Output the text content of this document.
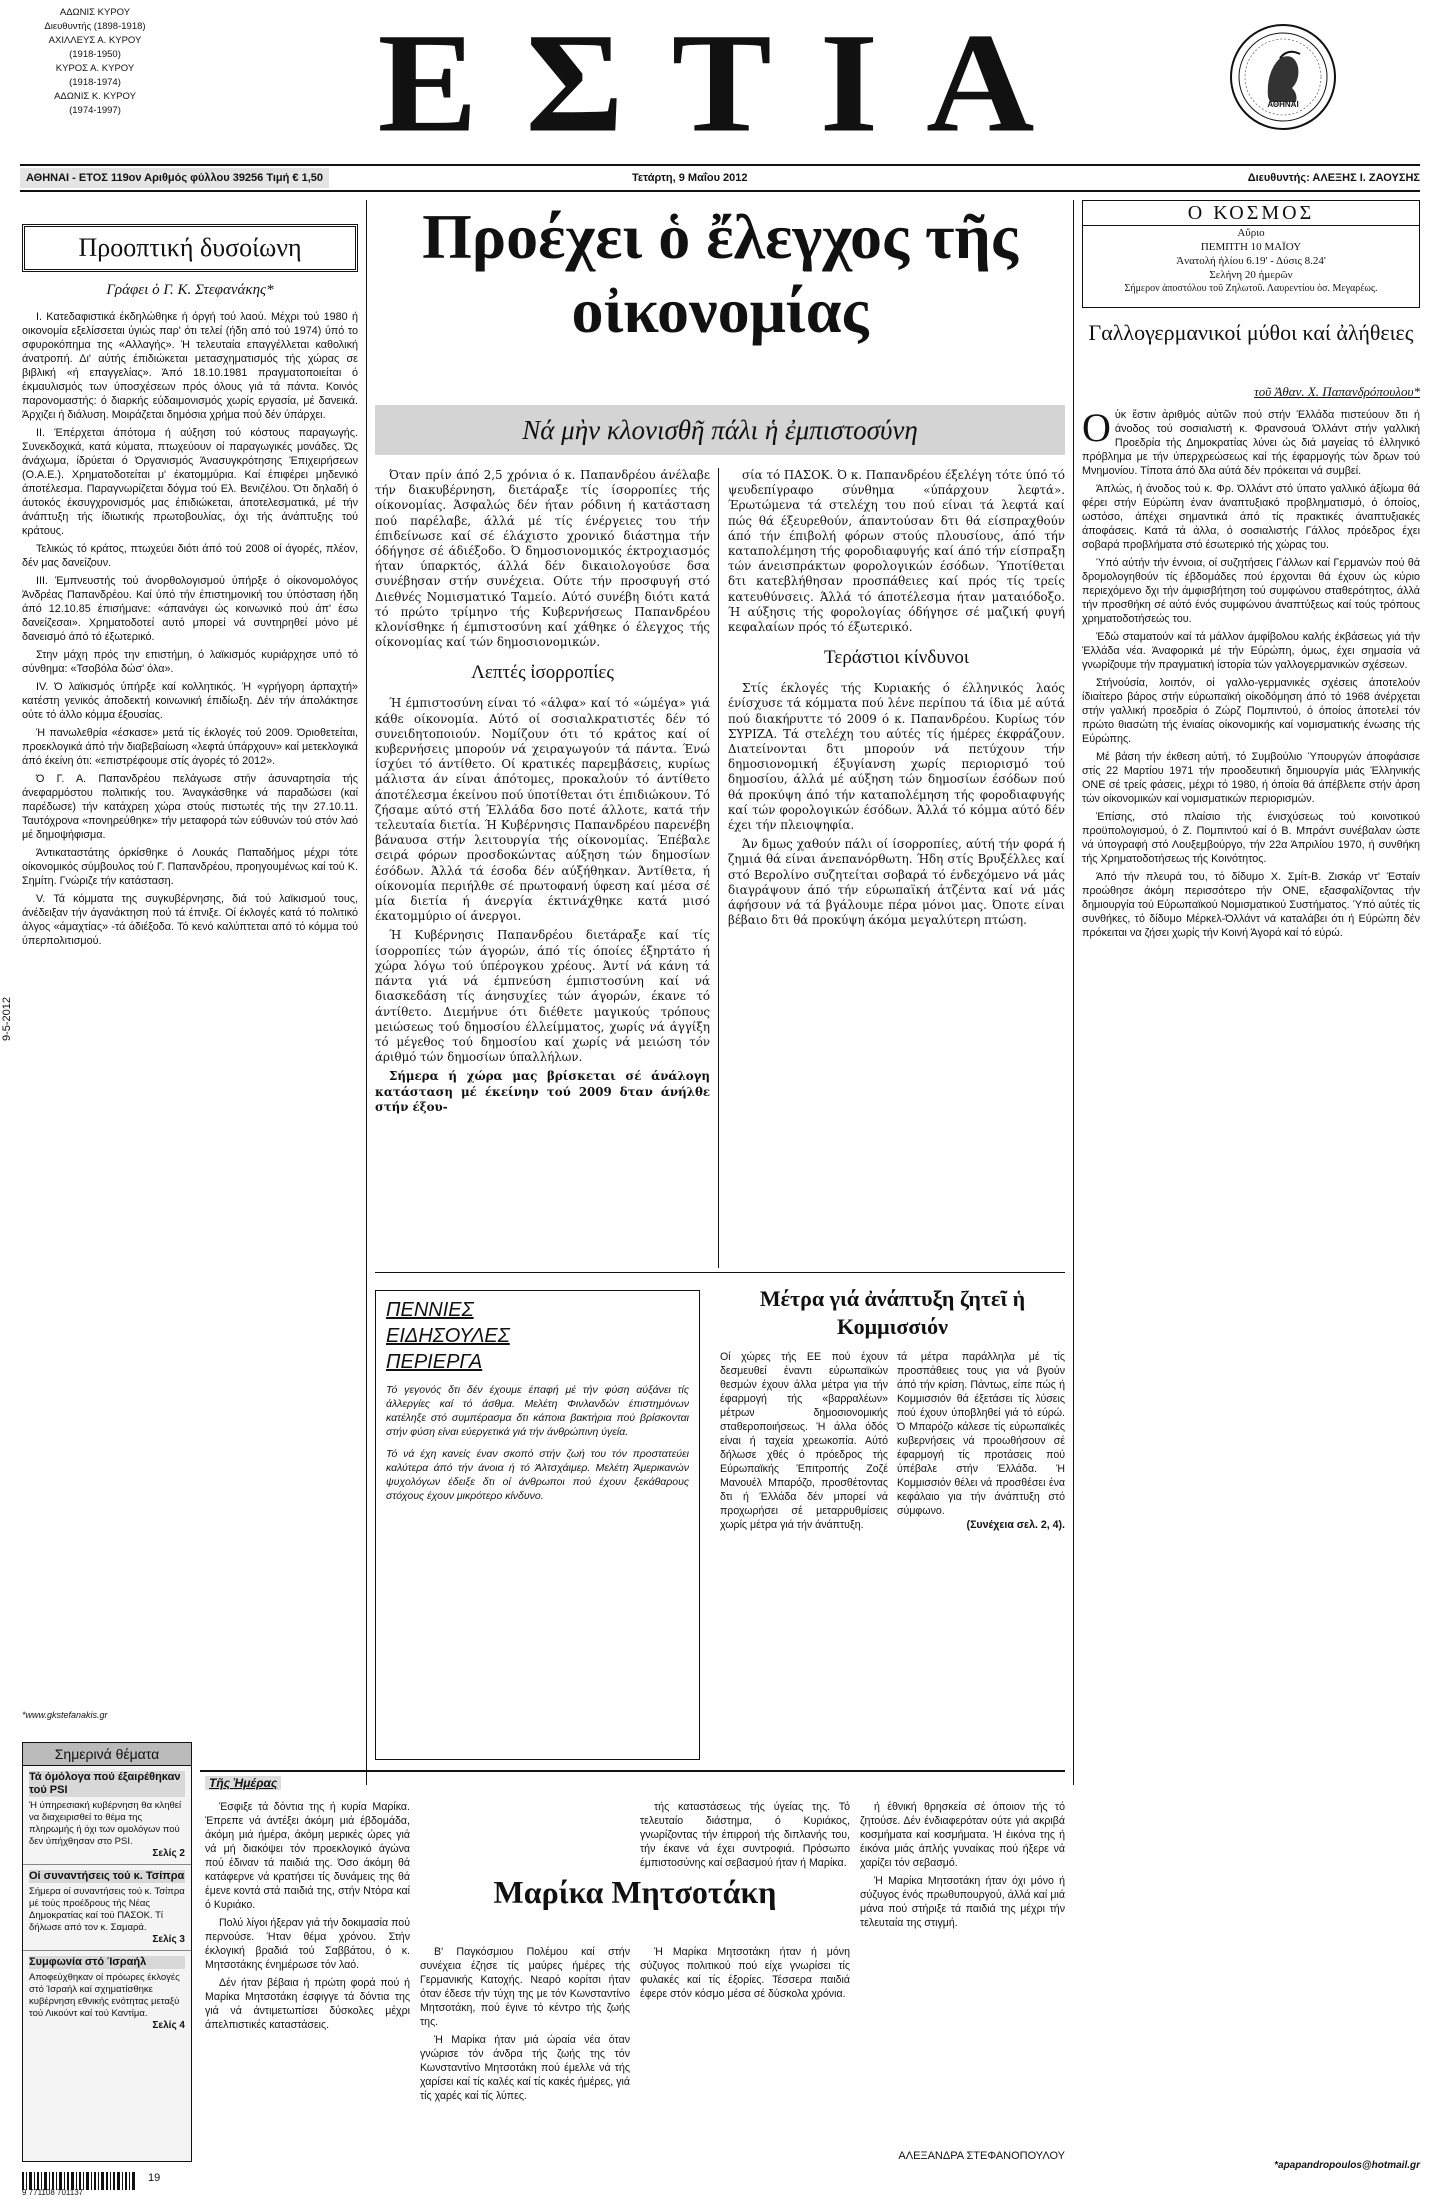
ΑΔΩΝΙΣ ΚΥΡΟΥ
Διευθυντής (1898-1918)
ΑΧΙΛΛΕΥΣ Α. ΚΥΡΟΥ
(1918-1950)
ΚΥΡΟΣ Α. ΚΥΡΟΥ
(1918-1974)
ΑΔΩΝΙΣ Κ. ΚΥΡΟΥ
(1974-1997)	ΕΣΤΙΑ	ΑΘΗΝΑΙ
ΑΘΗΝΑΙ - ΕΤΟΣ 119ον Αριθμός φύλλου 39256 Τιμή € 1,50	Τετάρτη, 9 Μαΐου 2012	Διευθυντής: ΑΛΕΞΗΣ Ι. ΖΑΟΥΣΗΣ
9-5-2012
Προοπτική δυσοίωνη
Γράφει ὁ Γ. Κ. Στεφανάκης*

I. Κατεδαφιστικά έκδηλώθηκε ή όργή τού λαού. Μέχρι τού 1980 ή οικονομία εξελίσσεται ύγιώς παρ' ότι τελεί (ήδη από τού 1974) ύπό το σφυροκόπημα της «Αλλαγής». Ή τελευταία επαγγέλλεται καθολική άνατροπή. Δι' αύτής έπιδιώκεται μετασχηματισμός τής χώρας σε βιβλική «ή επαγγελίας». Άπό 18.10.1981 πραγματοποιείται ό έκμαυλισμός των ύποσχέσεων πρός όλους γιά τά πάντα. Κοινός παρονομαστής: ό διαρκής εύδαιμονισμός χωρίς εργασία, μέ δανεικά. Άρχιζει ή διάλυση. Μοιράζεται δημόσια χρήμα πού δέν ύπάρχει.

II. Έπέρχεται άπότομα ή αύξηση τού κόστους παραγωγής. Συνεκδοχικά, κατά κύματα, πτωχεύουν οί παραγωγικές μονάδες. Ώς άνάχωμα, ίδρύεται ό Όργανισμός Άνασυγκρότησης Έπιχειρήσεων (Ο.Α.Ε.). Χρηματοδοτείται μ' έκατομμύρια. Καί έπιφέρει μηδενικό άποτέλεσμα. Παραγνωρίζεται δόγμα τού Ελ. Βενιζέλου. Ότι δηλαδή ό άυτοκός έκσυγχρονισμός μας έπιδιώκεται, άποτελεσματικά, μέ τήν άνάπτυξη τής ίδιωτικής πρωτοβουλίας, όχι τής άνάπτυξης τού κράτους.

Τελικώς τό κράτος, πτωχεύει διότι άπό τού 2008 οί άγορές, πλέον, δέν μας δανείζουν.

III. Έμπνευστής τού άνορθολογισμού ύπήρξε ό οίκονομολόγος Άνδρέας Παπανδρέου. Καί ύπό τήν έπιστημονική του ύπόσταση ήδη άπό 12.10.85 έπισήμανε: «άπανάγει ώς κοινωνικό πού άπ' έσω δανείζεσαι». Χρηματοδοτεί αυτό μπορεί νά συντηρηθεί μόνο μέ δανεισμό άπό τό έξωτερικό.

Στην μάχη πρός την επιστήμη, ό λαϊκισμός κυριάρχησε υπό τό σύνθημα: «Τσοβόλα δώσ' όλα».

IV. Ό λαϊκισμός ύπήρξε καί κολλητικός. Ή «γρήγορη άρπαχτή» κατέστη γενικός άποδεκτή κοινωνική έπιδίωξη. Δέν τήν άπολάκτησε oύτε τό άλλο κόμμα έξουσίας.

Ή πανωλεθρία «έσκασε» μετά τίς έκλογές τού 2009. Όριοθετείται, προεκλογικά άπό τήν διαβεβαίωση «λεφτά ύπάρχουν» καί μετεκλογικά άπό έκείνη ότι: «επιστρέφουμε στίς άγορές τό 2012».

Ό Γ. Α. Παπανδρέου πελάγωσε στήν άσυναρτησία τής άνεφαρμόστου πολιτικής του. Άναγκάσθηκε νά παραδώσει (καί παρέδωσε) τήν κατάχρεη χώρα στούς πιστωτές τής την 27.10.11. Ταυτόχρονα «πονηρεύθηκε» τήν μεταφορά τών εύθυνών τού στόν λαό μέ δημοψήφισμα.

Άντικαταστάτης όρκίσθηκε ό Λουκάς Παπαδήμος μέχρι τότε οίκονομικός σύμβουλος τού Γ. Παπανδρέου, προηγουμένως καί τού Κ. Σημίτη. Γνώριζε τήν κατάσταση.

V. Τά κόμματα της συγκυβέρνησης, διά τού λαϊκισμού τους, άνέδειξαν τήν άγανάκτηση πού τά έπνιξε. Οί έκλογές κατά τό πολιτικό άλγος «άμαχτίας» -τά άδιέξοδα. Τό κενό καλύπτεται από τό κόμμα τού ύπερπολιτισμού.

*www.gkstefanakis.gr
Σημερινά θέματα
Τά όμόλογα πού έξαιρέθηκαν τού PSI
Ή ύπηρεσιακή κυβέρνηση θα κληθεί να διαχειρισθεί το θέμα της πληρωμής ή όχι των ομολόγων πού δεν ύπήχθησαν στο PSI.
Σελίς 2
Οί συναντήσεις τού κ. Τσίπρα
Σήμερα οί συναντήσεις τού κ. Τσίπρα μέ τούς προέδρους τής Νέας Δημοκρατίας καί τού ΠΑΣΟΚ. Τί δήλωσε από τον κ. Σαμαρά.
Σελίς 3
Συμφωνία στό Ίσραήλ
Αποφεύχθηκαν οί πρόωρες έκλογές στό Ίσραήλ καί σχηματίσθηκε κυβέρνηση εθνικής ενότητας μεταξύ τού Λικούντ καί τού Καντίμα.
Σελίς 4
19
9 771108 701137
Προέχει ὁ ἔλεγχος τῆς οἰκονομίας
Νά μὴν κλονισθῆ πάλι ἡ ἐμπιστοσύνη

Όταν πρίν άπό 2,5 χρόνια ό κ. Παπανδρέου άνέλαβε τήν διακυβέρνηση, διετάραξε τίς ίσορροπίες τής οίκονομίας. Άσφαλώς δέν ήταν ρόδινη ή κατάσταση πού παρέλαβε, άλλά μέ τίς ένέργειες του τήν έπιδείνωσε καί σέ έλάχιστο χρονικό διάστημα τήν όδήγησε σέ άδιέξοδο. Ό δημοσιονομικός έκτροχιασμός ήταν ύπαρκτός, άλλά δέν δικαιολογούσε δσα συνέβησαν στήν συνέχεια. Ούτε τήν προσφυγή στό Διεθνές Νομισματικό Ταμείο. Αύτό συνέβη διότι κατά τό πρώτο τρίμηνο τής Κυβερνήσεως Παπανδρέου κλονίσθηκε ή έμπιστοσύνη καί χάθηκε ό έλεγχος τής οίκονομίας καί τών δημοσιονομικών.

Λεπτές ἰσορροπίες

Ή έμπιστοσύνη είναι τό «άλφα» καί τό «ώμέγα» γιά κάθε οίκονομία. Αύτό οί σοσιαλκρατιστές δέν τό συνειδητοποιούν. Νομίζουν ότι τό κράτος καί οί κυβερνήσεις μπορούν νά χειραγωγούν τά πάντα. Ένώ ίσχύει τό άντίθετο. Οί κρατικές παρεμβάσεις, κυρίως μάλιστα άν είναι άπότομες, προκαλούν τό άντίθετο άποτέλεσμα έκείνου πού ύποτίθεται ότι έπιδιώκουν. Τό ζήσαμε αύτό στή Έλλάδα δσο ποτέ άλλοτε, κατά τήν τελευταία διετία. Ή Κυβέρνησις Παπανδρέου παρενέβη βάναυσα στήν λειτουργία τής οίκονομίας. Έπέβαλε σειρά φόρων προσδοκώντας αύξηση τών δημοσίων έσόδων. Άλλά τά έσοδα δέν αύξήθηκαν. Άντίθετα, ή οίκονομία περιήλθε σέ πρωτοφανή ύφεση καί μέσα σέ μία διετία ή άνεργία έκτινάχθηκε κατά μισό έκατομμύριο οί άνεργοι.

Ή Κυβέρνησις Παπανδρέου διετάραξε καί τίς ίσορροπίες τών άγορών, άπό τίς όποίες έξηρτάτο ή χώρα λόγω τού ύπέρογκου χρέους. Άντί νά κάνη τά πάντα γιά νά έμπνεύση έμπιστοσύνη καί νά διασκεδάση τίς άνησυχίες τών άγορών, έκανε τό άντίθετο. Διεμήνυε ότι διέθετε μαγικούς τρόπους μειώσεως τού δημοσίου έλλείμματος, χωρίς νά άγγίξη τό μέγεθος τού δημοσίου καί χωρίς νά μειώση τόν άριθμό τών δημοσίων ύπαλλήλων.

Σήμερα ή χώρα μας βρίσκεται σέ άνάλογη κατάσταση μέ έκείνην τού 2009 δταν άνήλθε στήν έξου-

σία τό ΠΑΣΟΚ. Ό κ. Παπανδρέου έξελέγη τότε ύπό τό ψευδεπίγραφο σύνθημα «ύπάρχουν λεφτά». Έρωτώμενα τά στελέχη του πού είναι τά λεφτά καί πώς θά έξευρεθούν, άπαντούσαν δτι θά είσπραχθούν άπό τήν έπιβολή φόρων στούς πλουσίους, άπό τήν καταπολέμηση τής φοροδιαφυγής καί άπό τήν είσπραξη τών άνεισπράκτων φορολογικών έσόδων. Ύποτίθεται δτι κατεβλήθησαν προσπάθειες καί πρός τίς τρείς κατευθύνσεις. Άλλά τό άποτέλεσμα ήταν ματαιόδοξο. Ή αύξησις τής φορολογίας όδήγησε σέ μαζική φυγή κεφαλαίων πρός τό έξωτερικό.

Τεράστιοι κίνδυνοι

Στίς έκλογές τής Κυριακής ό έλληνικός λαός ένίσχυσε τά κόμματα πού λένε περίπου τά ίδια μέ αύτά πού διακήρυττε τό 2009 ό κ. Παπανδρέου. Κυρίως τόν ΣΥΡΙΖΑ. Τά στελέχη του αύτές τίς ήμέρες έκφράζουν. Διατείνονται δτι μπορούν νά πετύχουν τήν δημοσιονομική έξυγίανση χωρίς περιορισμό τού δημοσίου, άλλά μέ αύξηση τών δημοσίων έσόδων πού θά προκύψη άπό τήν καταπολέμηση τής φοροδιαφυγής καί τών φορολογικών έσόδων. Άλλά τό κόμμα αύτό δέν έχει τήν πλειοψηφία.

Άν δμως χαθούν πάλι οί ίσορροπίες, αύτή τήν φορά ή ζημιά θά είναι άνεπανόρθωτη. Ήδη στίς Βρυξέλλες καί στό Βερολίνο συζητείται σοβαρά τό ένδεχόμενο νά μάς διαγράψουν άπό τήν εύρωπαϊκή άτζέντα καί νά μάς άφήσουν νά τά βγάλουμε πέρα μόνοι μας. Όποτε είναι βέβαιο δτι θά προκύψη άκόμα μεγαλύτερη πτώση.

ΠΕΝΝΙΕΣ
ΕΙΔΗΣΟΥΛΕΣ
ΠΕΡΙΕΡΓΑ
Τό γεγονός δτι δέν έχουμε έπαφή μέ τήν φύση αύξάνει τίς άλλεργίες καί τό άσθμα. Μελέτη Φινλανδών έπιστημόνων κατέληξε στό συμπέρασμα δτι κάποια βακτήρια πού βρίσκονται στήν φύση είναι εύεργετικά γιά τήν άνθρώπινη ύγεία.
Τό νά έχη κανείς έναν σκοπό στήν ζωή του τόν προστατεύει καλύτερα άπό τήν άνοια ή τό Άλτσχάιμερ. Μελέτη Άμερικανών ψυχολόγων έδειξε δτι οί άνθρωποι πού έχουν ξεκάθαρους στόχους έχουν μικρότερο κίνδυνο.
Μέτρα γιά ἀνάπτυξη ζητεῖ ἡ Κομμισσιόν
Οί χώρες τής ΕΕ πού έχουν δεσμευθεί έναντι εύρωπαϊκών θεσμών έχουν άλλα μέτρα για τήν έφαρμογή τής «βαρραλέων» μέτρων δημοσιονομικής σταθεροποιήσεως. Ή άλλα όδός είναι ή ταχεία χρεωκοπία. Αύτό δήλωσε χθές ό πρόεδρος τής Εύρωπαϊκής Έπιτροπής Ζοζέ Μανουέλ Μπαρόζο, προσθέτοντας δτι ή Έλλάδα δέν μπορεί νά προχωρήσει σέ μεταρρυθμίσεις χωρίς μέτρα γιά τήν άνάπτυξη.
τά μέτρα παράλληλα μέ τίς προσπάθειες τους για νά βγούν άπό τήν κρίση. Πάντως, είπε πώς ή Κομμισσιόν θά έξετάσει τίς λύσεις πού έχουν ύποβληθεί γιά τό εύρώ. Ό Μπαρόζο κάλεσε τίς εύρωπαϊκές κυβερνήσεις νά προωθήσουν σέ έφαρμογή τίς προτάσεις πού ύπέβαλε στήν Έλλάδα. Ή Κομμισσιόν θέλει νά προσθέσει ένα κεφάλαιο για τήν άνάπτυξη στό σύμφωνο.
(Συνέχεια σελ. 2, 4).
Ο ΚΟΣΜΟΣ
Αὔριο
ΠΕΜΠΤΗ 10 ΜΑΪΟΥ
Ἀνατολή ἡλίου 6.19' - Δύσις 8.24'
Σελήνη 20 ἡμερῶν
Σήμερον ἀποστόλου τοῦ Ζηλωτοῦ. Λαυρεντίου ὁσ. Μεγαρέως.
Γαλλογερμανικοί μύθοι καί ἀλήθειες
τοῦ Ἀθαν. Χ. Παπανδρόπουλου*
Ο ὑκ ἔστιν ἀριθμός αὐτῶν πού στήν Έλλάδα πιστεύουν δτι ή άνοδος τού σοσιαλιστή κ. Φρανσουά Όλλάντ στήν γαλλική Προεδρία τής Δημοκρατίας λύνει ώς διά μαγείας τό έλληνικό πρόβλημα με τήν ύπερχρεώσεως καί τής έφαρμογής τών δρων τού Μνημονίου. Τίποτα άπό δλα αύτά δέν πρόκειται νά συμβεί.

Άπλώς, ή άνοδος τού κ. Φρ. Όλλάντ στό ύπατο γαλλικό άξίωμα θά φέρει στήν Εύρώπη έναν άναπτυξιακό προβληματισμό, ό όποίος, ωστόσο, άπέχει σημαντικά άπό τίς πρακτικές άναπτυξιακές άποφάσεις. Κατά τά άλλα, ό σοσιαλιστής Γάλλος πρόεδρος έχει σοβαρά προβλήματα στό έσωτερικό τής χώρας του.

Ύπό αύτήν τήν έννοια, οί συζητήσεις Γάλλων καί Γερμανών πού θά δρομολογηθούν τίς έβδομάδες πού έρχονται θά έχουν ώς κύριο περιεχόμενο δχι τήν άμφισβήτηση τού συμφώνου σταθερότητος, άλλά τήν προσθήκη σέ αύτό ένός συμφώνου άναπτύξεως καί τούς τρόπους χρηματοδοτήσεώς του.

Έδώ σταματούν καί τά μάλλον άμφίβολου καλής έκβάσεως γιά τήν Έλλάδα νέα. Άναφορικά μέ τήν Εύρώπη, όμως, έχει σημασία νά γνωρίζουμε τήν πραγματική ίστορία τών γαλλογερμανικών σχέσεων.

Στήνούσία, λοιπόν, οί γαλλο-γερμανικές σχέσεις άποτελούν ίδιαίτερο βάρος στήν εύρωπαϊκή οίκοδόμηση άπό τό 1968 άνέρχεται στήν γαλλική προεδρία ό Ζώρζ Πομπιντού, ό όποίος άποτελεί τόν πρώτο θιασώτη τής ένιαίας οίκονομικής καί νομισματικής ένωσης τής Εύρώπης.

Μέ βάση τήν έκθεση αύτή, τό Συμβούλιο Ύπουργών άποφάσισε στίς 22 Μαρτίου 1971 τήν προοδευτική δημιουργία μιάς Έλληνικής ΟΝΕ σέ τρείς φάσεις, μέχρι τό 1980, ή όποία θά άπέβλεπε στήν άρση τών οίκονομικών καί νομισματικών περιορισμών.

Έπίσης, στό πλαίσιο τής ένισχύσεως τού κοινοτικού προϋπολογισμού, ό Ζ. Πομπιντού καί ό Β. Μπράντ συνέβαλαν ώστε νά ύπογραφή στό Λουξεμβούργο, τήν 22α Άπριλίου 1970, ή συνθήκη τής Χρηματοδοτήσεως τής Κοινότητος.

Άπό τήν πλευρά του, τό δίδυμο Χ. Σμίτ-Β. Ζισκάρ ντ' Έσταίν προώθησε άκόμη περισσότερο τήν ΟΝΕ, εξασφαλίζοντας τήν δημιουργία τού Εύρωπαϊκού Νομισματικού Συστήματος. Ύπό αύτές τίς συνθήκες, τό δίδυμο Μέρκελ-Όλλάντ νά καταλάβει ότι ή Εύρώπη δέν πρόκειται να ζήσει χωρίς τήν Κοινή Άγορά καί τό εύρώ.

*apapandropoulos@hotmail.gr
Τῆς Ἡμέρας

Έσφιξε τά δόντια της ή κυρία Μαρίκα. Έπρεπε νά άντέξει άκόμη μιά έβδομάδα, άκόμη μιά ήμέρα, άκόμη μερικές ώρες γιά νά μή διακόψει τόν προεκλογικό άγώνα πού έδιναν τά παιδιά της. Όσο άκόμη θά κατάφερνε νά κρατήσει τίς δυνάμεις της θά έμενε κοντά στά παιδιά της, στήν Ντόρα καί ό Κυριάκο.

Πολύ λίγοι ήξεραν γιά τήν δοκιμασία πού περνούσε. Ήταν θέμα χρόνου. Στήν έκλογική βραδιά τού Σαββάτου, ό κ. Μητσοτάκης ένημέρωσε τόν λαό.

Δέν ήταν βέβαια ή πρώτη φορά πού ή Μαρίκα Μητσοτάκη έσφιγγε τά δόντια της γιά νά άντιμετωπίσει δύσκολες μέχρι άπελπιστικές καταστάσεις.

Μαρίκα Μητσοτάκη

Β' Παγκόσμιου Πολέμου καί στήν συνέχεια έζησε τίς μαύρες ήμέρες τής Γερμανικής Κατοχής. Νεαρό κορίτσι ήταν όταν έδεσε τήν τύχη της με τόν Κωνσταντίνο Μητσοτάκη, πού έγινε τό κέντρο τής ζωής της.

Ή Μαρίκα ήταν μιά ώραία νέα όταν γνώρισε τόν άνδρα τής ζωής της τόν Κωνσταντίνο Μητσοτάκη πού έμελλε νά τής χαρίσει καί τίς καλές καί τίς κακές ήμέρες, γιά τίς χαρές καί τίς λύπες.

τής καταστάσεως τής ύγείας της. Τό τελευταίο διάστημα, ό Κυριάκος, γνωρίζοντας τήν έπιρροή τής διπλανής του, τήν έκανε νά έχει συντροφιά. Πρόσωπο έμπιστοσύνης καί σεβασμού ήταν ή Μαρίκα.

Ή Μαρίκα Μητσοτάκη ήταν ή μόνη σύζυγος πολιτικού πού είχε γνωρίσει τίς φυλακές καί τίς έξορίες. Τέσσερα παιδιά έφερε στόν κόσμο μέσα σέ δύσκολα χρόνια.

ή έθνική θρησκεία σέ όποιον τής τό ζητούσε. Δέν ένδιαφερόταν ούτε γιά ακριβά κοσμήματα καί κοσμήματα. Ή έικόνα της ή έικόνα μιάς άπλής γυναίκας πού ήξερε νά χαρίζει τόν σεβασμό.

Ή Μαρίκα Μητσοτάκη ήταν όχι μόνο ή σύζυγος ένός πρωθυπουργού, άλλά καί μιά μάνα πού στήριξε τά παιδιά της μέχρι τήν τελευταία της στιγμή.

ΑΛΕΞΑΝΔΡΑ ΣΤΕΦΑΝΟΠΟΥΛΟΥ
